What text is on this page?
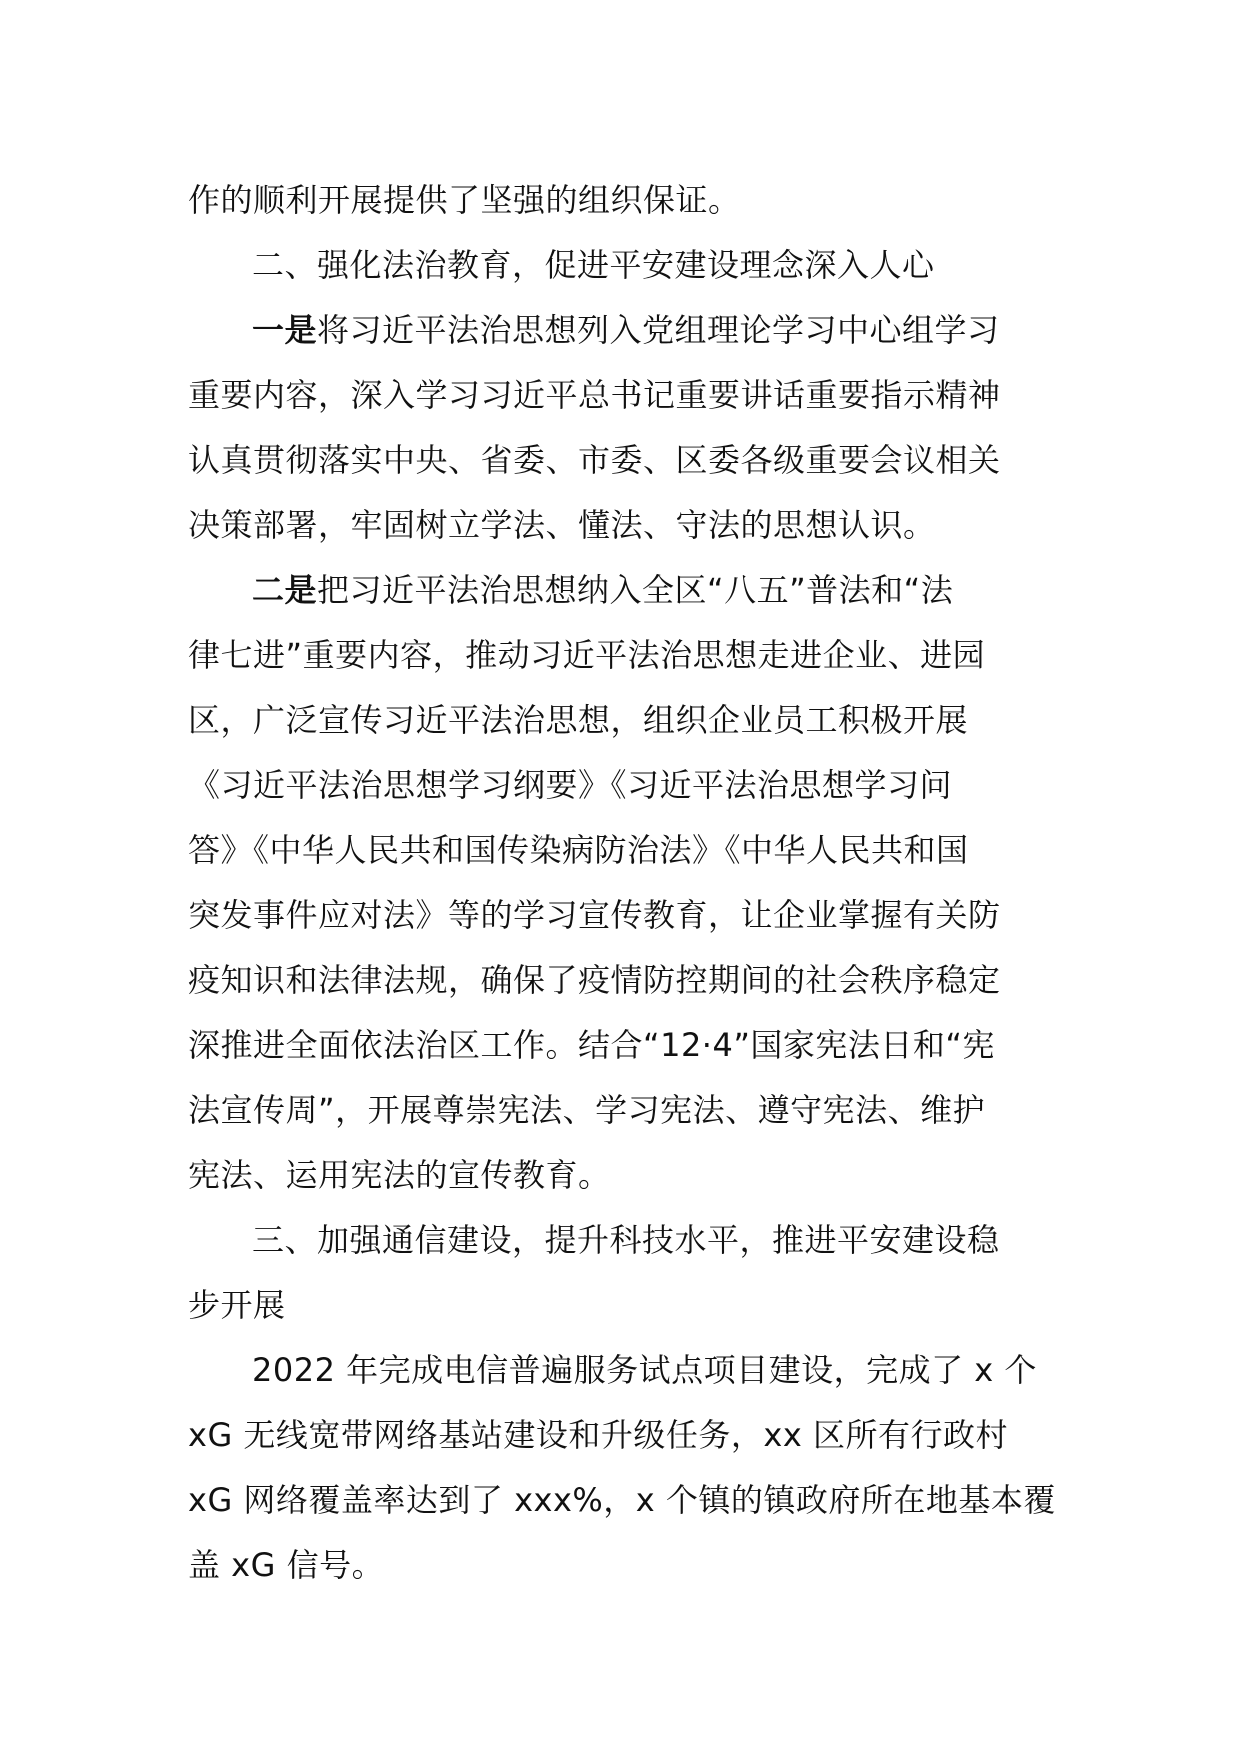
作的顺利开展提供了坚强的组织保证。
二、强化法治教育，促进平安建设理念深入人心
一是将习近平法治思想列入党组理论学习中心组学习
重要内容，深入学习习近平总书记重要讲话重要指示精神
认真贯彻落实中央、省委、市委、区委各级重要会议相关
决策部署，牢固树立学法、懂法、守法的思想认识。
二是把习近平法治思想纳入全区“八五”普法和“法
律七进”重要内容，推动习近平法治思想走进企业、进园
区，广泛宣传习近平法治思想，组织企业员工积极开展
《习近平法治思想学习纲要》《习近平法治思想学习问
答》《中华人民共和国传染病防治法》《中华人民共和国
突发事件应对法》等的学习宣传教育，让企业掌握有关防
疫知识和法律法规，确保了疫情防控期间的社会秩序稳定
深推进全面依法治区工作。结合“12·4”国家宪法日和“宪
法宣传周”，开展尊崇宪法、学习宪法、遵守宪法、维护
宪法、运用宪法的宣传教育。
三、加强通信建设，提升科技水平，推进平安建设稳
步开展
2022 年完成电信普遍服务试点项目建设，完成了 x 个
xG 无线宽带网络基站建设和升级任务，xx 区所有行政村
xG 网络覆盖率达到了 xxx%，x 个镇的镇政府所在地基本覆
盖 xG 信号。
